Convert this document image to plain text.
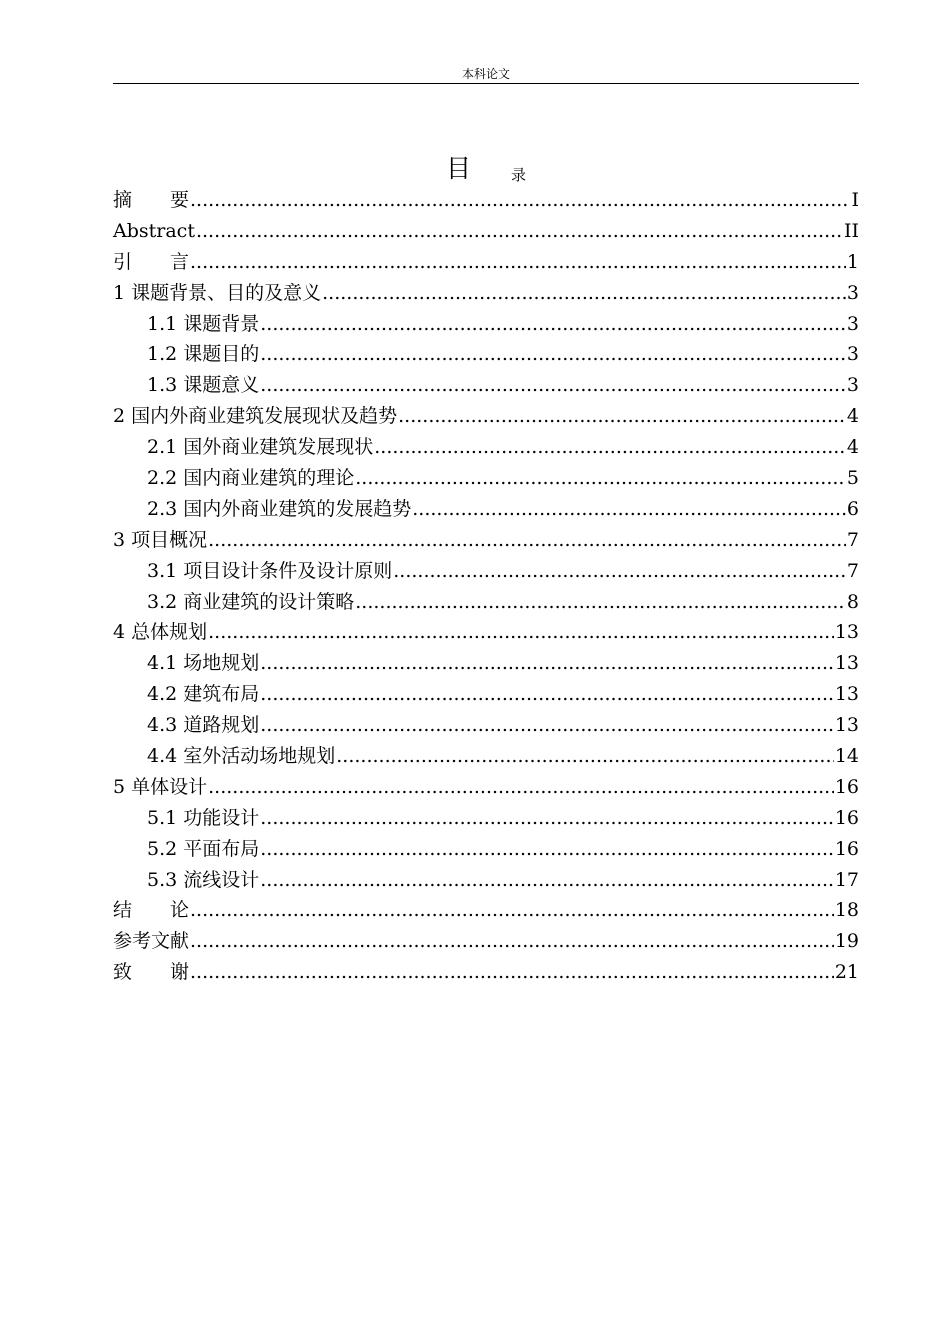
本科论文
目	录
摘　　要 .....	I
Abstract .....	II
引　　言 .....	1
1 课题背景、目的及意义 .....	3
1.1 课题背景 .....	3
1.2 课题目的 .....	3
1.3 课题意义 .....	3
2 国内外商业建筑发展现状及趋势 .....	4
2.1 国外商业建筑发展现状 .....	4
2.2 国内商业建筑的理论 .....	5
2.3 国内外商业建筑的发展趋势 .....	6
3 项目概况 .....	7
3.1 项目设计条件及设计原则 .....	7
3.2 商业建筑的设计策略 .....	8
4 总体规划 .....	13
4.1 场地规划 .....	13
4.2 建筑布局 .....	13
4.3 道路规划 .....	13
4.4 室外活动场地规划 .....	14
5 单体设计 .....	16
5.1 功能设计 .....	16
5.2 平面布局 .....	16
5.3 流线设计 .....	17
结　　论 .....	18
参考文献 .....	19
致　　谢 .....	21
